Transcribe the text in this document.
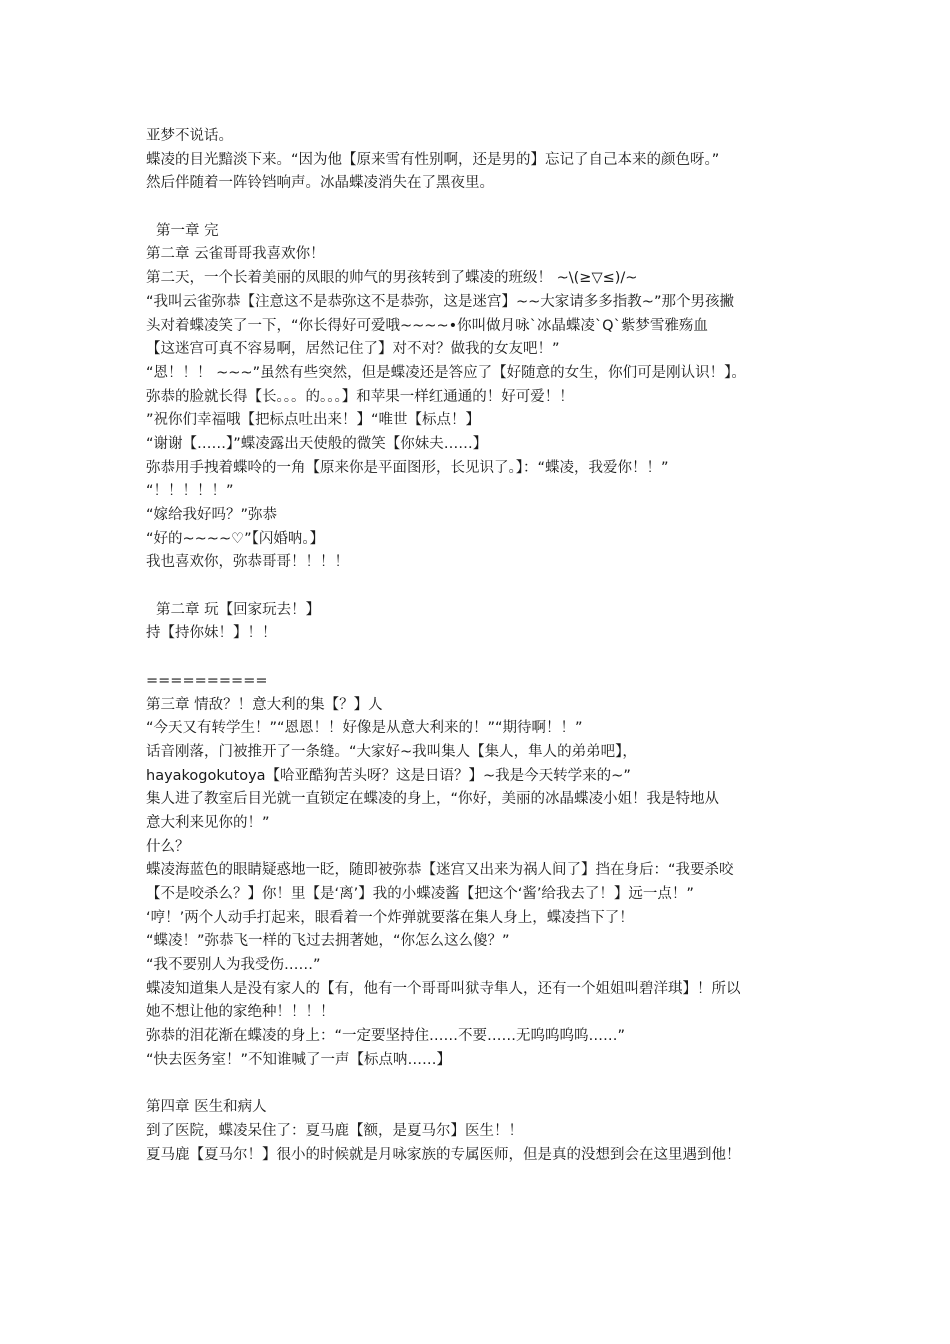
亚梦不说话。
蝶凌的目光黯淡下来。“因为他【原来雪有性别啊，还是男的】忘记了自己本来的颜色呀。”
然后伴随着一阵铃铛响声。冰晶蝶凌消失在了黑夜里。
第一章 完
第二章 云雀哥哥我喜欢你！
第二天，一个长着美丽的凤眼的帅气的男孩转到了蝶凌的班级！ ~\(≥▽≤)/~
“我叫云雀弥恭【注意这不是恭弥这不是恭弥，这是迷宫】~~大家请多多指教~”那个男孩撇
头对着蝶凌笑了一下，“你长得好可爱哦~~~~•你叫做月咏`冰晶蝶凌`Q`紫梦雪雅殇血
【这迷宫可真不容易啊，居然记住了】对不对？做我的女友吧！”
“恩！！！ ~~~”虽然有些突然，但是蝶凌还是答应了【好随意的女生，你们可是刚认识！】。
弥恭的脸就长得【长。。。的。。。】和苹果一样红通通的！好可爱！！
”祝你们幸福哦【把标点吐出来！】“唯世【标点！】
“谢谢【……】”蝶凌露出天使般的微笑【你妹夫……】
弥恭用手拽着蝶呤的一角【原来你是平面图形，长见识了。】：“蝶凌，我爱你！！”
“！！！！！”
“嫁给我好吗？”弥恭
“好的~~~~♡”【闪婚呐。】
我也喜欢你，弥恭哥哥！！！！
第二章 玩【回家玩去！】
持【持你妹！】！！
==========
第三章 情敌？！意大利的集【？】人
“今天又有转学生！”“恩恩！！好像是从意大利来的！”“期待啊！！”
话音刚落，门被推开了一条缝。“大家好~我叫集人【集人，隼人的弟弟吧】，
hayakogokutoya【哈亚酷狗苦头呀？这是日语？】~我是今天转学来的~”
集人进了教室后目光就一直锁定在蝶凌的身上，“你好，美丽的冰晶蝶凌小姐！我是特地从
意大利来见你的！”
什么？
蝶凌海蓝色的眼睛疑惑地一眨，随即被弥恭【迷宫又出来为祸人间了】挡在身后：“我要杀咬
【不是咬杀么？】你！里【是‘离’】我的小蝶凌酱【把这个‘酱’给我去了！】远一点！”
‘哼！’两个人动手打起来，眼看着一个炸弹就要落在集人身上，蝶凌挡下了！
“蝶凌！”弥恭飞一样的飞过去拥著她，“你怎么这么傻？”
“我不要别人为我受伤……”
蝶凌知道集人是没有家人的【有，他有一个哥哥叫狱寺隼人，还有一个姐姐叫碧洋琪】！所以
她不想让他的家绝种！！！！
弥恭的泪花渐在蝶凌的身上：“一定要坚持住……不要……无呜呜呜呜……”
“快去医务室！”不知谁喊了一声【标点呐……】
第四章 医生和病人
到了医院，蝶凌呆住了：夏马鹿【额，是夏马尔】医生！！
夏马鹿【夏马尔！】很小的时候就是月咏家族的专属医师，但是真的没想到会在这里遇到他！
